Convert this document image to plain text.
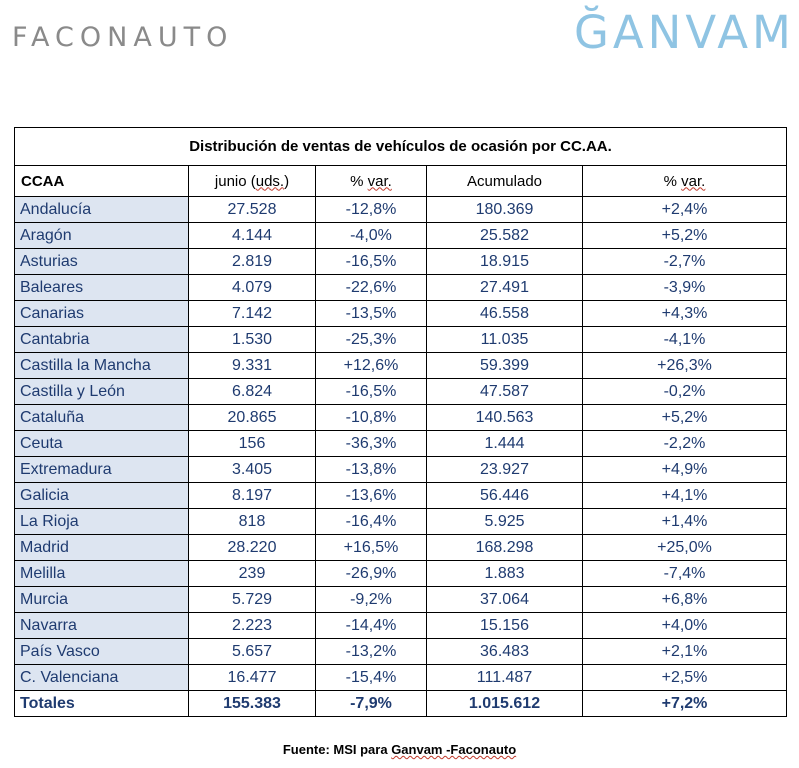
FACONAUTO	ĞANVAM
Distribución de ventas de vehículos de ocasión por CC.AA.				
CCAA	junio (uds.)	% var.	Acumulado	% var.
Andalucía	27.528	-12,8%	180.369	+2,4%
Aragón	4.144	-4,0%	25.582	+5,2%
Asturias	2.819	-16,5%	18.915	-2,7%
Baleares	4.079	-22,6%	27.491	-3,9%
Canarias	7.142	-13,5%	46.558	+4,3%
Cantabria	1.530	-25,3%	11.035	-4,1%
Castilla la Mancha	9.331	+12,6%	59.399	+26,3%
Castilla y León	6.824	-16,5%	47.587	-0,2%
Cataluña	20.865	-10,8%	140.563	+5,2%
Ceuta	156	-36,3%	1.444	-2,2%
Extremadura	3.405	-13,8%	23.927	+4,9%
Galicia	8.197	-13,6%	56.446	+4,1%
La Rioja	818	-16,4%	5.925	+1,4%
Madrid	28.220	+16,5%	168.298	+25,0%
Melilla	239	-26,9%	1.883	-7,4%
Murcia	5.729	-9,2%	37.064	+6,8%
Navarra	2.223	-14,4%	15.156	+4,0%
País Vasco	5.657	-13,2%	36.483	+2,1%
C. Valenciana	16.477	-15,4%	111.487	+2,5%
Totales	155.383	-7,9%	1.015.612	+7,2%
Fuente: MSI para Ganvam -Faconauto
